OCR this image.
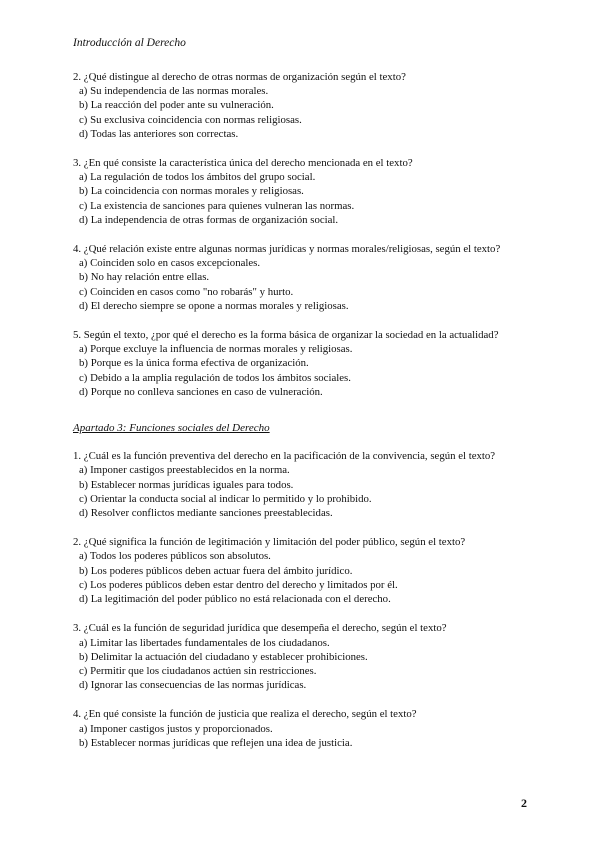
Introducción al Derecho

2. ¿Qué distingue al derecho de otras normas de organización según el texto?

a) Su independencia de las normas morales.

b) La reacción del poder ante su vulneración.

c) Su exclusiva coincidencia con normas religiosas.

d) Todas las anteriores son correctas.

3. ¿En qué consiste la característica única del derecho mencionada en el texto?

a) La regulación de todos los ámbitos del grupo social.

b) La coincidencia con normas morales y religiosas.

c) La existencia de sanciones para quienes vulneran las normas.

d) La independencia de otras formas de organización social.

4. ¿Qué relación existe entre algunas normas jurídicas y normas morales/religiosas, según el texto?

a) Coinciden solo en casos excepcionales.

b) No hay relación entre ellas.

c) Coinciden en casos como "no robarás" y hurto.

d) El derecho siempre se opone a normas morales y religiosas.

5. Según el texto, ¿por qué el derecho es la forma básica de organizar la sociedad en la actualidad?

a) Porque excluye la influencia de normas morales y religiosas.

b) Porque es la única forma efectiva de organización.

c) Debido a la amplia regulación de todos los ámbitos sociales.

d) Porque no conlleva sanciones en caso de vulneración.

Apartado 3: Funciones sociales del Derecho

1. ¿Cuál es la función preventiva del derecho en la pacificación de la convivencia, según el texto?

a) Imponer castigos preestablecidos en la norma.

b) Establecer normas jurídicas iguales para todos.

c) Orientar la conducta social al indicar lo permitido y lo prohibido.

d) Resolver conflictos mediante sanciones preestablecidas.

2. ¿Qué significa la función de legitimación y limitación del poder público, según el texto?

a) Todos los poderes públicos son absolutos.

b) Los poderes públicos deben actuar fuera del ámbito jurídico.

c) Los poderes públicos deben estar dentro del derecho y limitados por él.

d) La legitimación del poder público no está relacionada con el derecho.

3. ¿Cuál es la función de seguridad jurídica que desempeña el derecho, según el texto?

a) Limitar las libertades fundamentales de los ciudadanos.

b) Delimitar la actuación del ciudadano y establecer prohibiciones.

c) Permitir que los ciudadanos actúen sin restricciones.

d) Ignorar las consecuencias de las normas jurídicas.

4. ¿En qué consiste la función de justicia que realiza el derecho, según el texto?

a) Imponer castigos justos y proporcionados.

b) Establecer normas jurídicas que reflejen una idea de justicia.

2
